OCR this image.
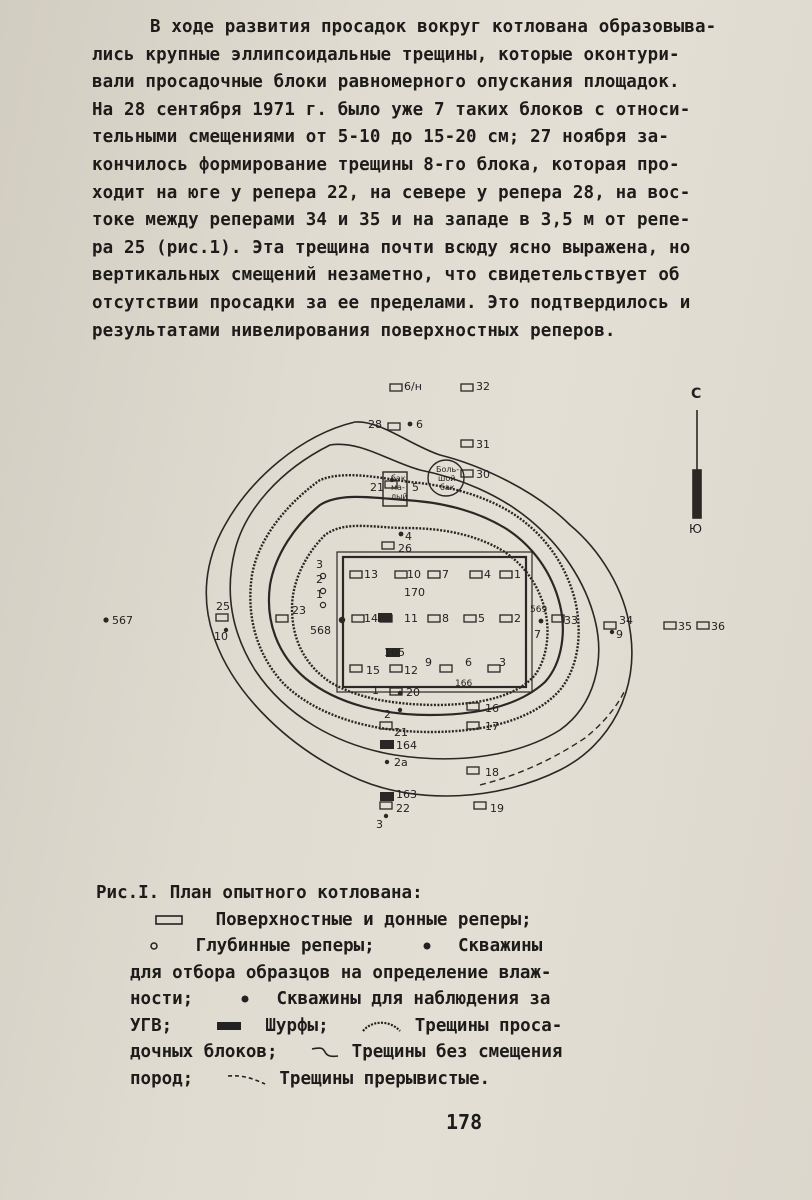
В ходе развития просадок вокруг котлована образовыва-
лись крупные эллипсоидальные трещины, которые оконтури-
вали просадочные блоки равномерного опускания площадок.
На 28 сентября 1971 г. было уже 7 таких блоков с относи-
тельными смещениями от 5-10 до 15-20 см; 27 ноября за-
кончилось формирование трещины 8-го блока, которая про-
ходит на юге у репера 22, на севере у репера 28, на вос-
токе между реперами 34 и 35 и на западе в 3,5 м от репе-
ра 25 (рис.1). Эта трещина почти всюду ясно выражена, но
вертикальных смещений незаметно, что свидетельствует об
отсутствии просадки за ее пределами. Это подтвердилось и
результатами нивелирования поверхностных реперов.
6/н	32
28	6
31
30
21	5
4
26
3
13	10 7	4 1
2
170
1
25
10
23
568
14 11 8	5	2
569
7
33	34
9
35 36
567
165
15 12
9	6 3
166
1 20
16
2
21	17
164
2а
18
163
22	19
3
бак
ма-
лый
Боль-
шой
бак
С
Ю
Рис.I. План опытного котлована:
Поверхностные и донные реперы;
Глубинные реперы;	Скважины
для отбора образцов на определение влаж-
ности;	Скважины для наблюдения за
УГВ;	Шурфы;	Трещины проса-
дочных блоков;	Трещины без смещения
пород;	Трещины прерывистые.
178
